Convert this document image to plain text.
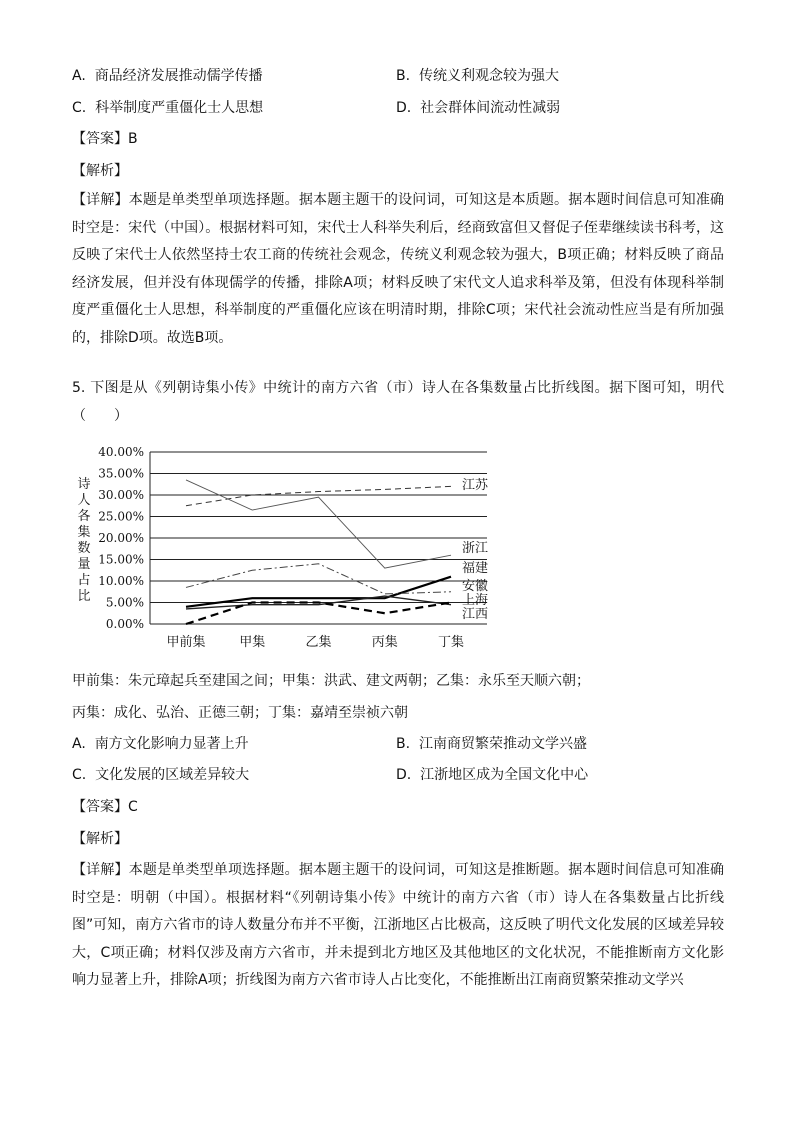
A. 商品经济发展推动儒学传播	B. 传统义利观念较为强大
C. 科举制度严重僵化士人思想	D. 社会群体间流动性减弱
【答案】B
【解析】
【详解】本题是单类型单项选择题。据本题主题干的设问词，可知这是本质题。据本题时间信息可知准确时空是：宋代（中国）。根据材料可知，宋代士人科举失利后，经商致富但又督促子侄辈继续读书科考，这反映了宋代士人依然坚持士农工商的传统社会观念，传统义利观念较为强大，B项正确；材料反映了商品经济发展，但并没有体现儒学的传播，排除A项；材料反映了宋代文人追求科举及第，但没有体现科举制度严重僵化士人思想，科举制度的严重僵化应该在明清时期，排除C项；宋代社会流动性应当是有所加强的，排除D项。故选B项。
5. 下图是从《列朝诗集小传》中统计的南方六省（市）诗人在各集数量占比折线图。据下图可知，明代（　　）
0.00%
5.00%
10.00%
15.00%
20.00%
25.00%
30.00%
35.00%
40.00%
诗
人
各
集
数
量
占
比
甲前集	甲集	乙集	丙集	丁集
江苏
浙江
福建
安徽
上海
江西
甲前集：朱元璋起兵至建国之间；甲集：洪武、建文两朝；乙集：永乐至天顺六朝；
丙集：成化、弘治、正德三朝；丁集：嘉靖至崇祯六朝
A. 南方文化影响力显著上升	B. 江南商贸繁荣推动文学兴盛
C. 文化发展的区域差异较大	D. 江浙地区成为全国文化中心
【答案】C
【解析】
【详解】本题是单类型单项选择题。据本题主题干的设问词，可知这是推断题。据本题时间信息可知准确时空是：明朝（中国）。根据材料“《列朝诗集小传》中统计的南方六省（市）诗人在各集数量占比折线图”可知，南方六省市的诗人数量分布并不平衡，江浙地区占比极高，这反映了明代文化发展的区域差异较大，C项正确；材料仅涉及南方六省市，并未提到北方地区及其他地区的文化状况，不能推断南方文化影响力显著上升，排除A项；折线图为南方六省市诗人占比变化，不能推断出江南商贸繁荣推动文学兴
